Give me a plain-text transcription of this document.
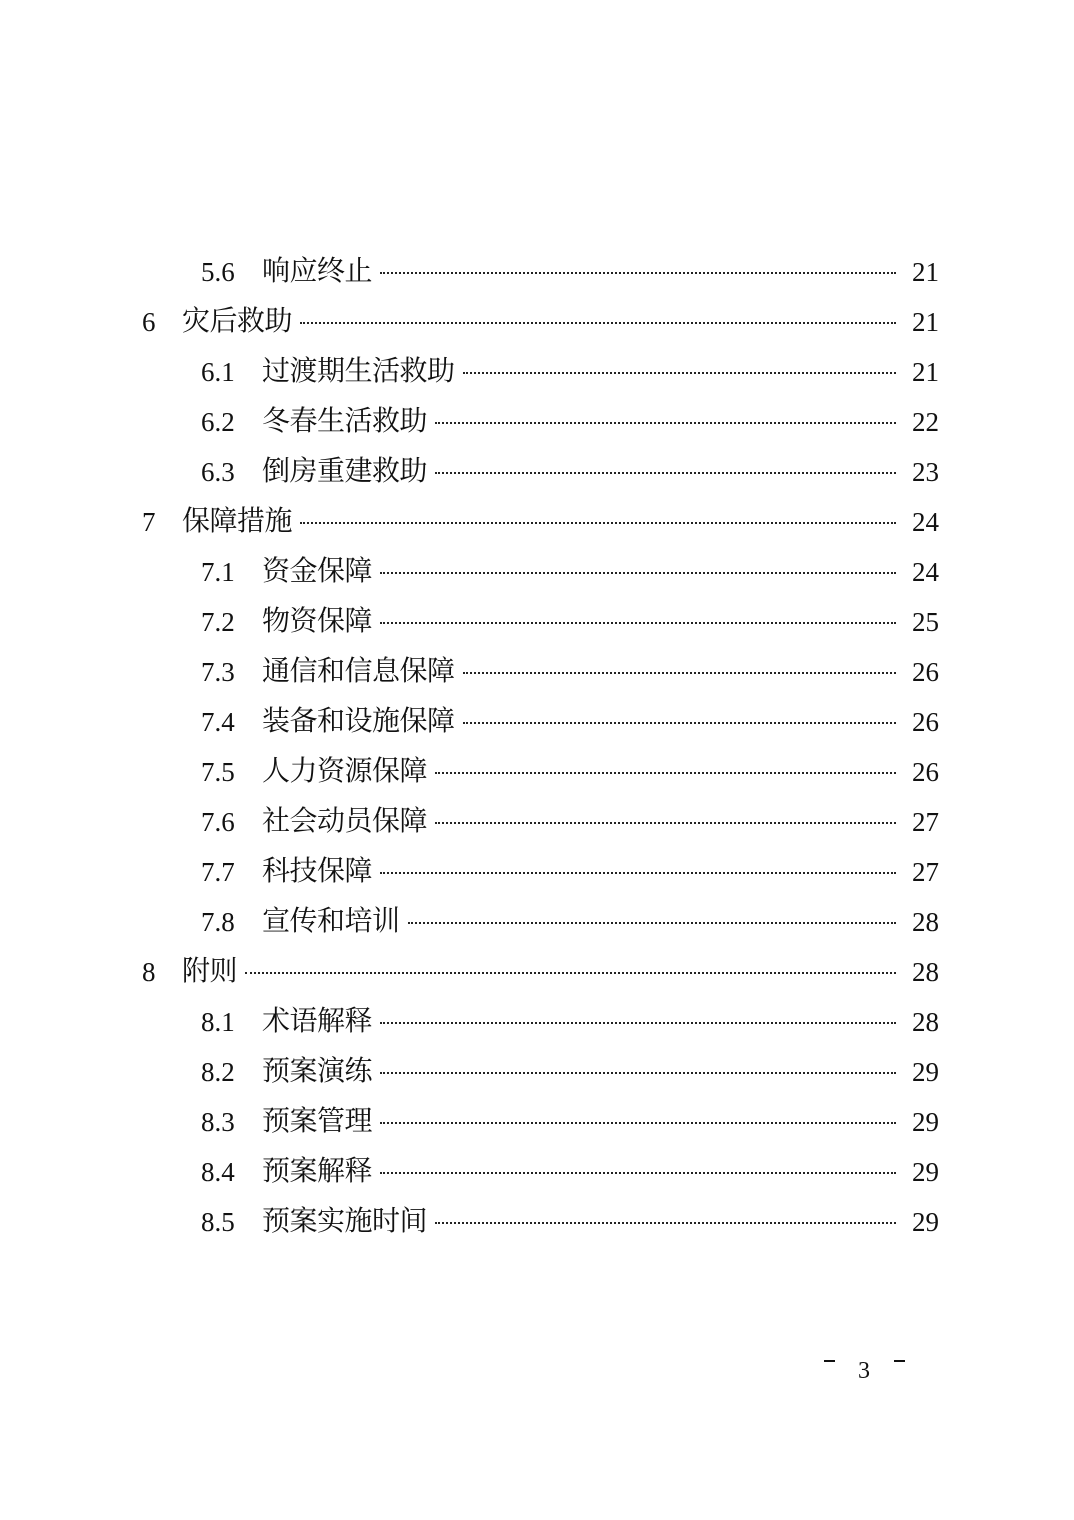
5.6 响应终止	21
6 灾后救助	21
6.1 过渡期生活救助	21
6.2 冬春生活救助	22
6.3 倒房重建救助	23
7 保障措施	24
7.1 资金保障	24
7.2 物资保障	25
7.3 通信和信息保障	26
7.4 装备和设施保障	26
7.5 人力资源保障	26
7.6 社会动员保障	27
7.7 科技保障	27
7.8 宣传和培训	28
8 附则	28
8.1 术语解释	28
8.2 预案演练	29
8.3 预案管理	29
8.4 预案解释	29
8.5 预案实施时间	29
3
